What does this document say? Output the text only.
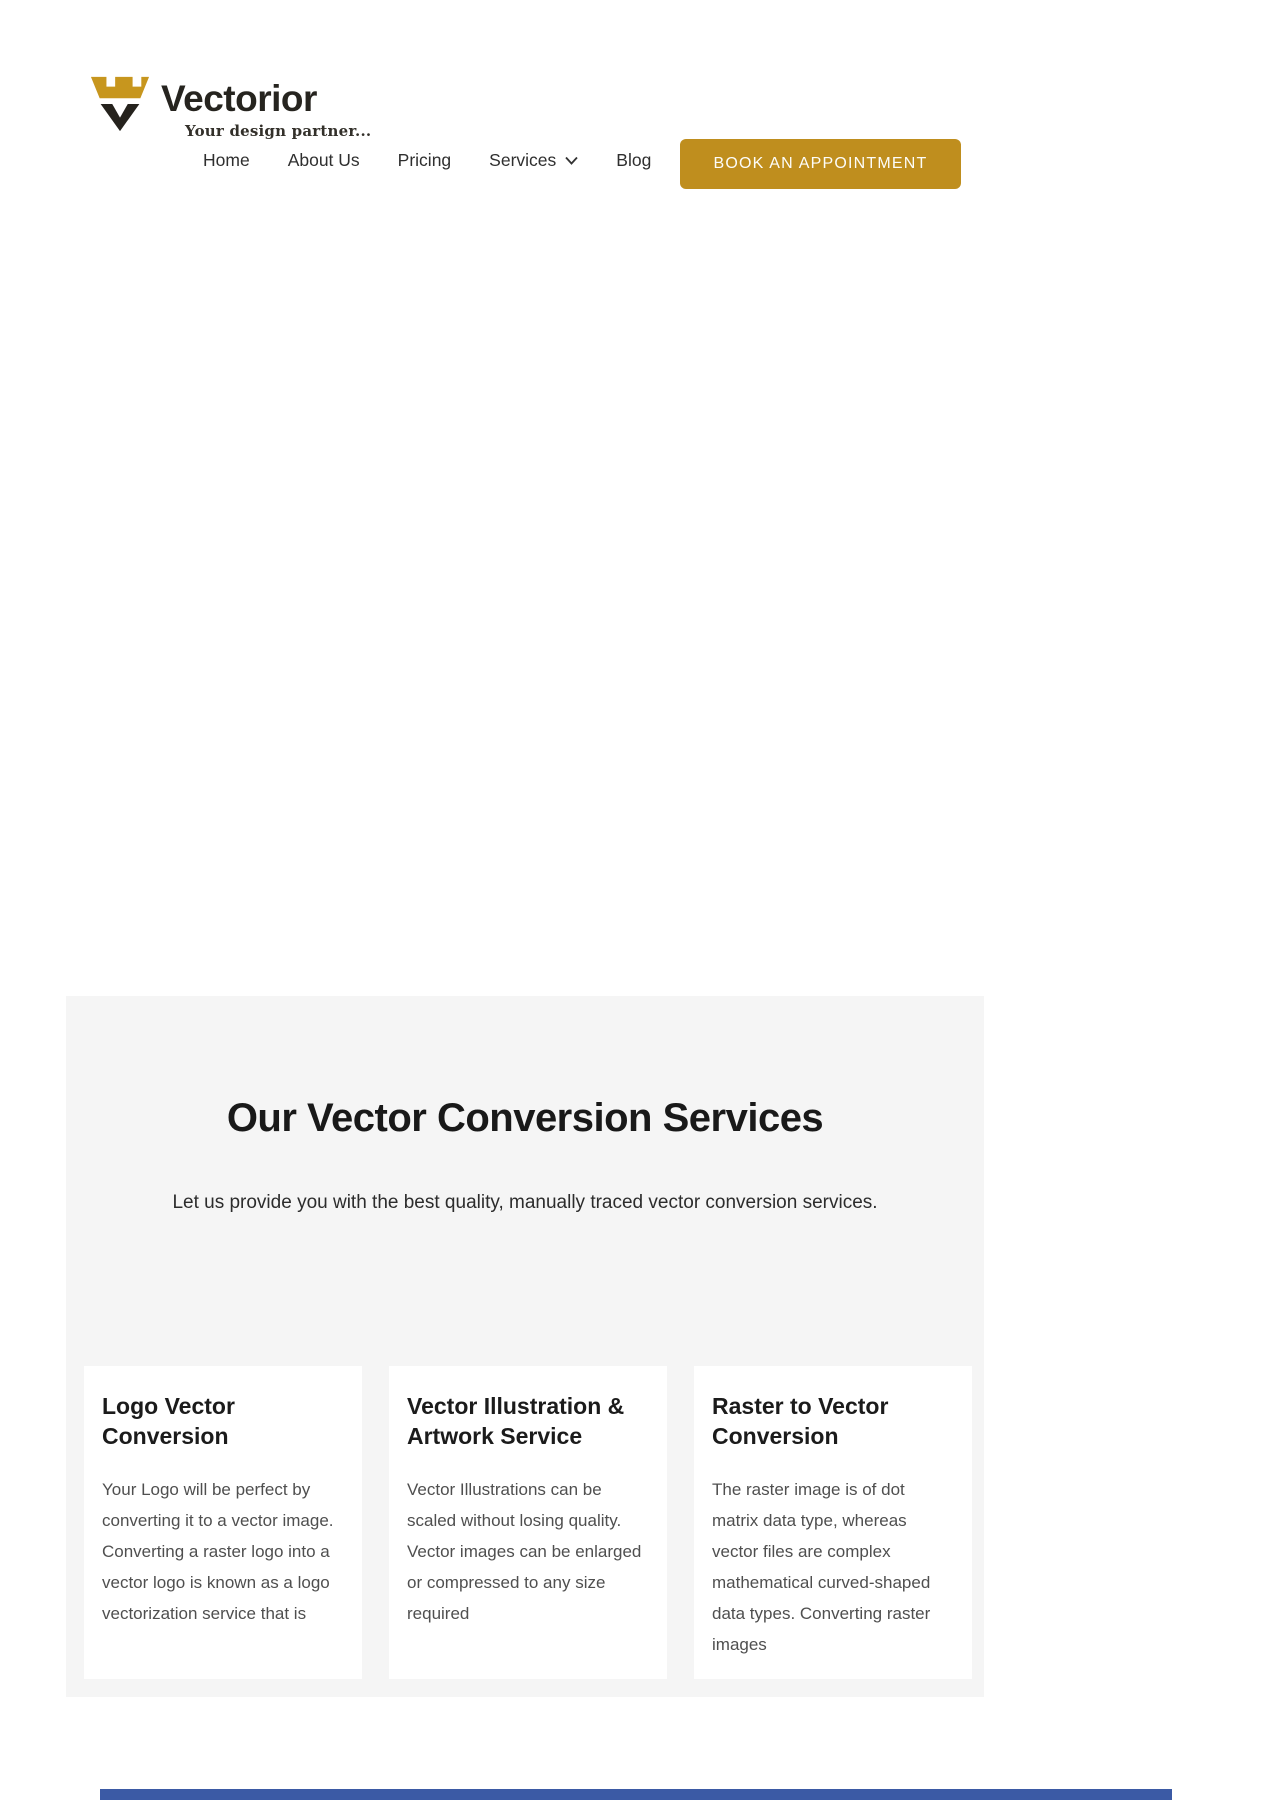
Vectorior
Your design partner...
Home About Us Pricing Services	Blog	BOOK AN APPOINTMENT
Our Vector Conversion Services

Let us provide you with the best quality, manually traced vector conversion services.

Logo Vector Conversion

Your Logo will be perfect by converting it to a vector image. Converting a raster logo into a vector logo is known as a logo vectorization service that is

Vector Illustration & Artwork Service

Vector Illustrations can be scaled without losing quality. Vector images can be enlarged or compressed to any size required

Raster to Vector Conversion

The raster image is of dot matrix data type, whereas vector files are complex mathematical curved-shaped data types. Converting raster images
